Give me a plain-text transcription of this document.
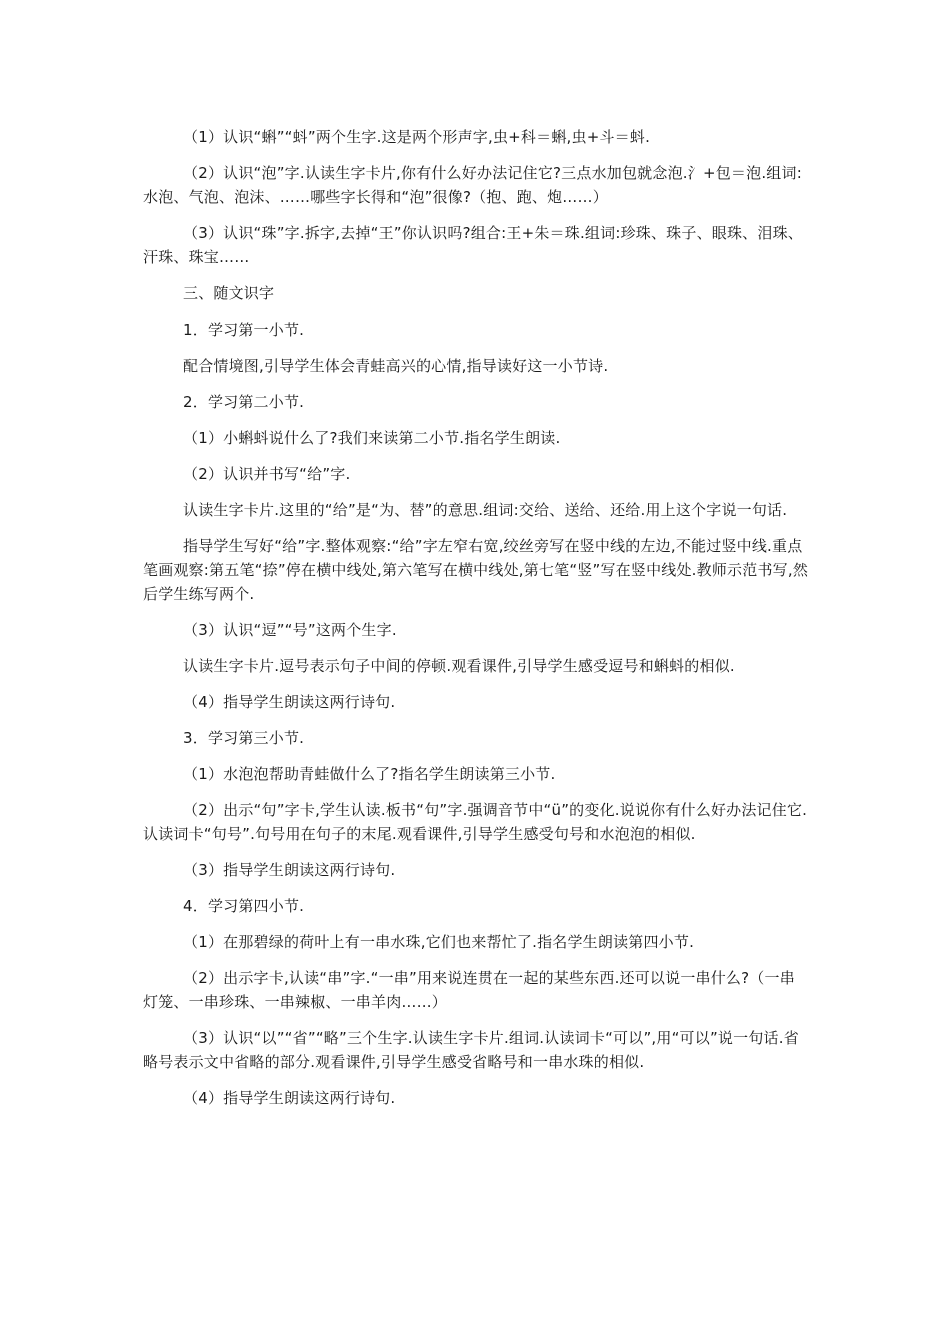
（1）认识“蝌”“蚪”两个生字.这是两个形声字,虫+科＝蝌,虫+斗＝蚪.

（2）认识“泡”字.认读生字卡片,你有什么好办法记住它?三点水加包就念泡.氵+包＝泡.组词:水泡、气泡、泡沫、……哪些字长得和“泡”很像?（抱、跑、炮……）

（3）认识“珠”字.拆字,去掉“王”你认识吗?组合:王+朱＝珠.组词:珍珠、珠子、眼珠、泪珠、汗珠、珠宝……

三、随文识字

1．学习第一小节.

配合情境图,引导学生体会青蛙高兴的心情,指导读好这一小节诗.

2．学习第二小节.

（1）小蝌蚪说什么了?我们来读第二小节.指名学生朗读.

（2）认识并书写“给”字.

认读生字卡片.这里的“给”是“为、替”的意思.组词:交给、送给、还给.用上这个字说一句话.

指导学生写好“给”字.整体观察:“给”字左窄右宽,绞丝旁写在竖中线的左边,不能过竖中线.重点笔画观察:第五笔“捺”停在横中线处,第六笔写在横中线处,第七笔“竖”写在竖中线处.教师示范书写,然后学生练写两个.

（3）认识“逗”“号”这两个生字.

认读生字卡片.逗号表示句子中间的停顿.观看课件,引导学生感受逗号和蝌蚪的相似.

（4）指导学生朗读这两行诗句.

3．学习第三小节.

（1）水泡泡帮助青蛙做什么了?指名学生朗读第三小节.

（2）出示“句”字卡,学生认读.板书“句”字.强调音节中“ü”的变化.说说你有什么好办法记住它.认读词卡“句号”.句号用在句子的末尾.观看课件,引导学生感受句号和水泡泡的相似.

（3）指导学生朗读这两行诗句.

4．学习第四小节.

（1）在那碧绿的荷叶上有一串水珠,它们也来帮忙了.指名学生朗读第四小节.

（2）出示字卡,认读“串”字.“一串”用来说连贯在一起的某些东西.还可以说一串什么?（一串灯笼、一串珍珠、一串辣椒、一串羊肉……）

（3）认识“以”“省”“略”三个生字.认读生字卡片.组词.认读词卡“可以”,用“可以”说一句话.省略号表示文中省略的部分.观看课件,引导学生感受省略号和一串水珠的相似.

（4）指导学生朗读这两行诗句.
